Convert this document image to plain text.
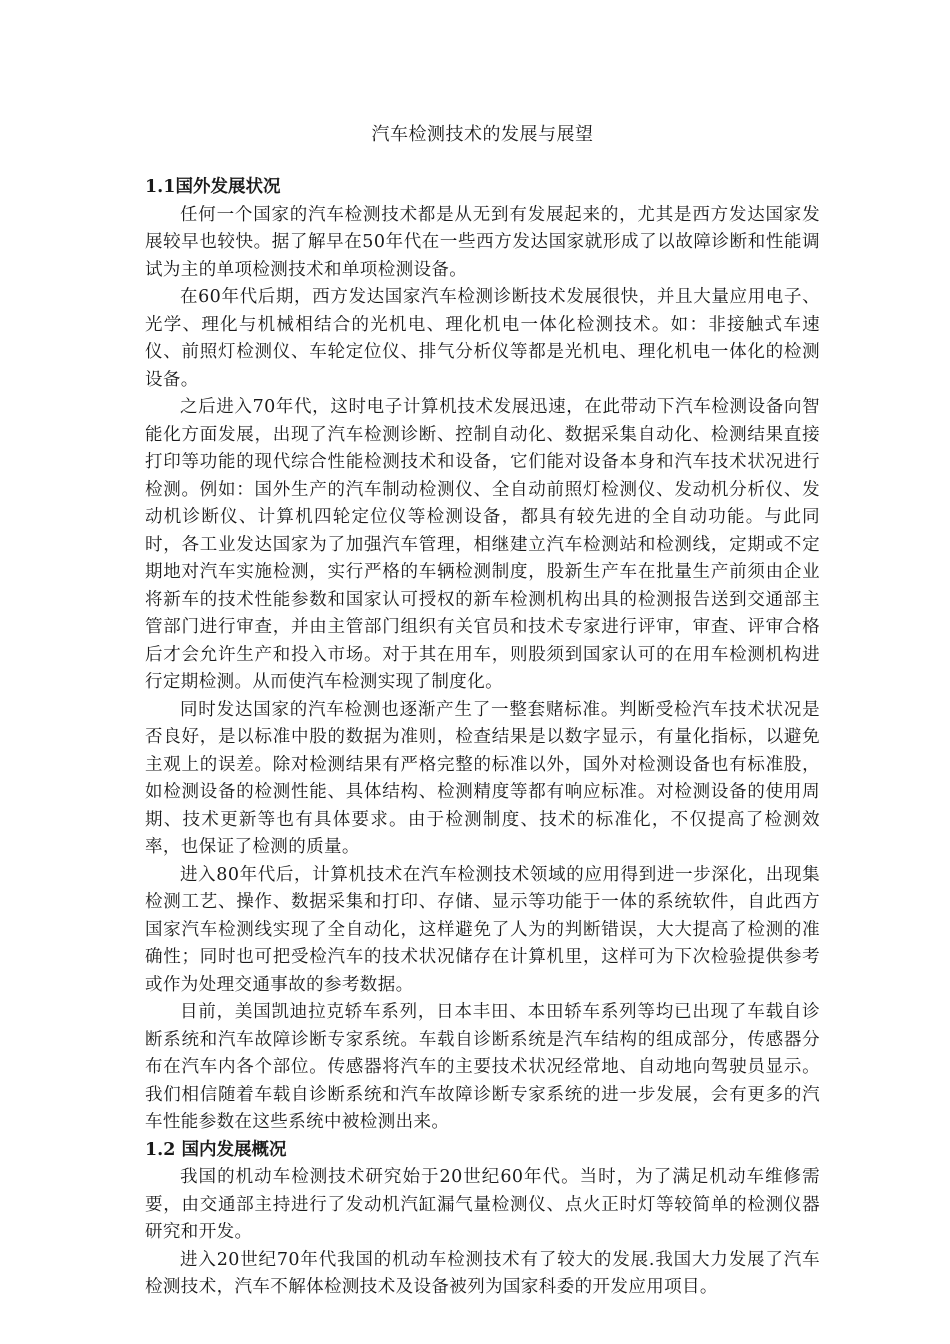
汽车检测技术的发展与展望

1.1国外发展状况

任何一个国家的汽车检测技术都是从无到有发展起来的，尤其是西方发达国家发展较早也较快。据了解早在50年代在一些西方发达国家就形成了以故障诊断和性能调试为主的单项检测技术和单项检测设备。

在60年代后期，西方发达国家汽车检测诊断技术发展很快，并且大量应用电子、光学、理化与机械相结合的光机电、理化机电一体化检测技术。如：非接触式车速仪、前照灯检测仪、车轮定位仪、排气分析仪等都是光机电、理化机电一体化的检测设备。

之后进入70年代，这时电子计算机技术发展迅速，在此带动下汽车检测设备向智能化方面发展，出现了汽车检测诊断、控制自动化、数据采集自动化、检测结果直接打印等功能的现代综合性能检测技术和设备，它们能对设备本身和汽车技术状况进行检测。例如：国外生产的汽车制动检测仪、全自动前照灯检测仪、发动机分析仪、发动机诊断仪、计算机四轮定位仪等检测设备，都具有较先进的全自动功能。与此同时，各工业发达国家为了加强汽车管理，相继建立汽车检测站和检测线，定期或不定期地对汽车实施检测，实行严格的车辆检测制度，股新生产车在批量生产前须由企业将新车的技术性能参数和国家认可授权的新车检测机构出具的检测报告送到交通部主管部门进行审查，并由主管部门组织有关官员和技术专家进行评审，审查、评审合格后才会允许生产和投入市场。对于其在用车，则股须到国家认可的在用车检测机构进行定期检测。从而使汽车检测实现了制度化。

同时发达国家的汽车检测也逐渐产生了一整套赌标准。判断受检汽车技术状况是否良好，是以标准中股的数据为准则，检查结果是以数字显示，有量化指标，以避免主观上的误差。除对检测结果有严格完整的标准以外，国外对检测设备也有标准股，如检测设备的检测性能、具体结构、检测精度等都有响应标准。对检测设备的使用周期、技术更新等也有具体要求。由于检测制度、技术的标准化，不仅提高了检测效率，也保证了检测的质量。

进入80年代后，计算机技术在汽车检测技术领域的应用得到进一步深化，出现集检测工艺、操作、数据采集和打印、存储、显示等功能于一体的系统软件，自此西方国家汽车检测线实现了全自动化，这样避免了人为的判断错误，大大提高了检测的准确性；同时也可把受检汽车的技术状况储存在计算机里，这样可为下次检验提供参考或作为处理交通事故的参考数据。

目前，美国凯迪拉克轿车系列，日本丰田、本田轿车系列等均已出现了车载自诊断系统和汽车故障诊断专家系统。车载自诊断系统是汽车结构的组成部分，传感器分布在汽车内各个部位。传感器将汽车的主要技术状况经常地、自动地向驾驶员显示。我们相信随着车载自诊断系统和汽车故障诊断专家系统的进一步发展，会有更多的汽车性能参数在这些系统中被检测出来。

1.2 国内发展概况

我国的机动车检测技术研究始于20世纪60年代。当时，为了满足机动车维修需要，由交通部主持进行了发动机汽缸漏气量检测仪、点火正时灯等较简单的检测仪器研究和开发。

进入20世纪70年代我国的机动车检测技术有了较大的发展.我国大力发展了汽车检测技术，汽车不解体检测技术及设备被列为国家科委的开发应用项目。
